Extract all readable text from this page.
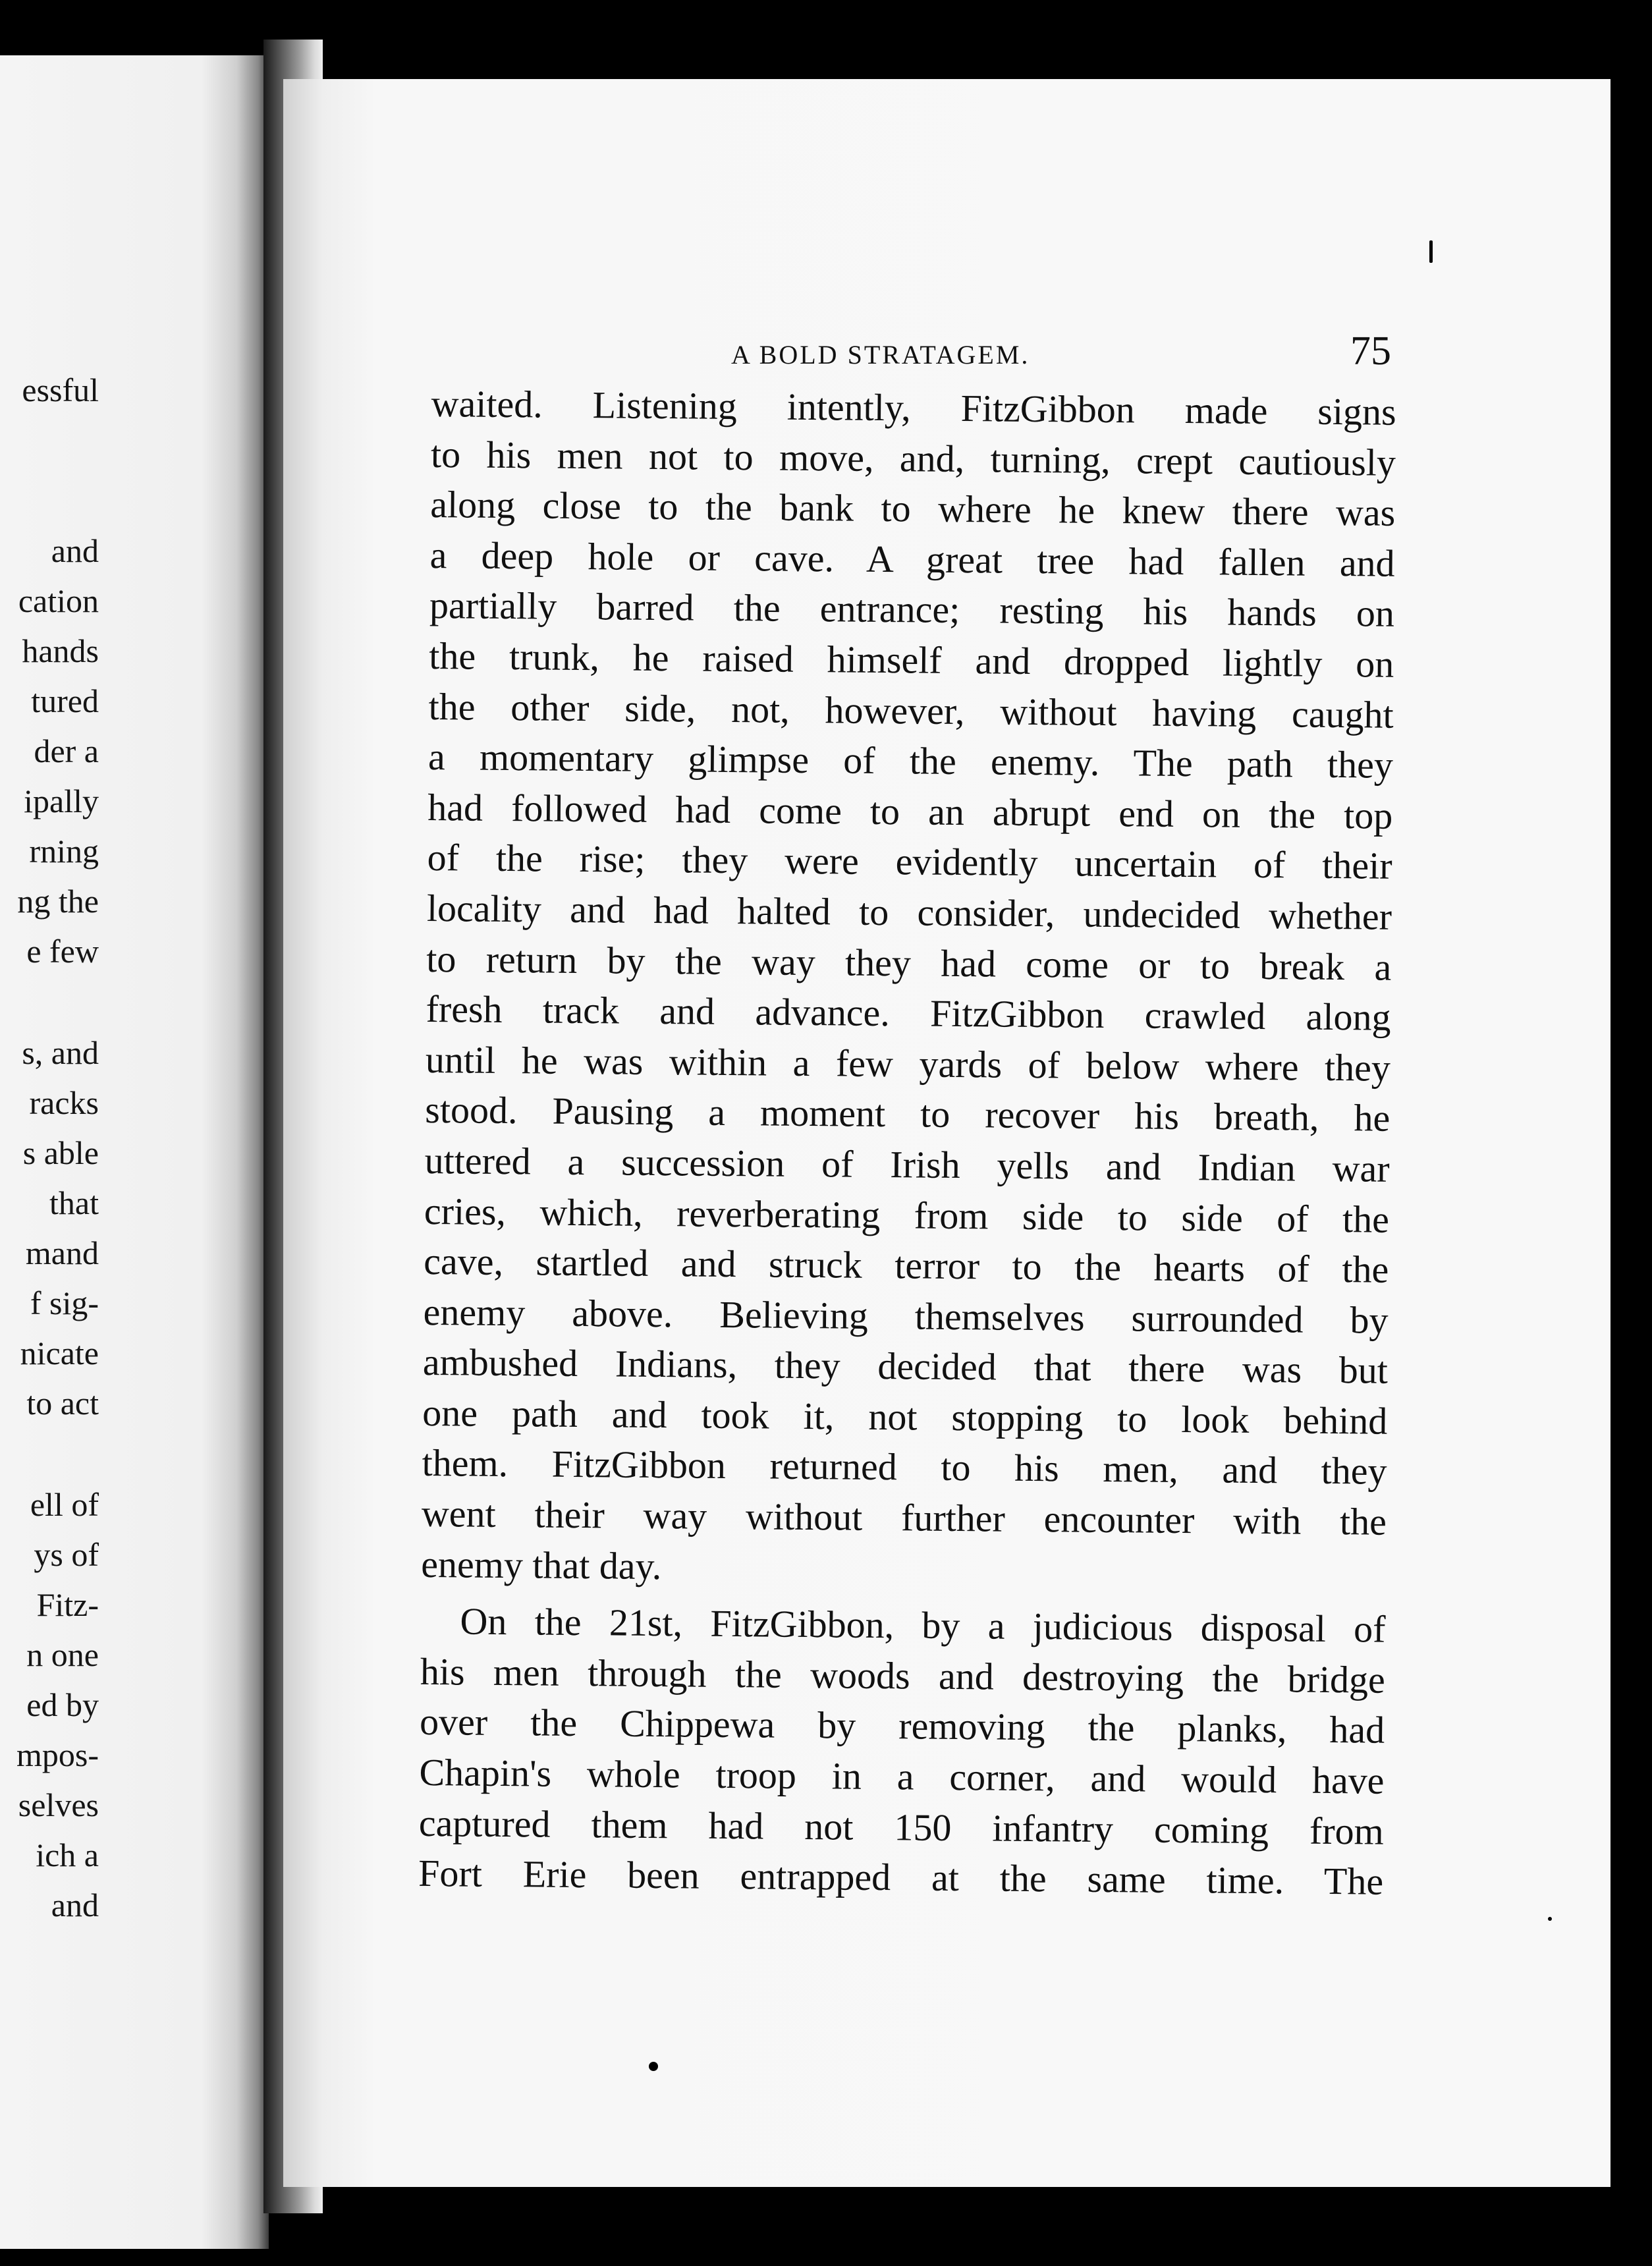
essful
and
cation
hands
tured
der a
ipally
rning
ng the
e few
s, and
racks
s able
that
mand
f sig-
nicate
to act
ell of
ys of
Fitz-
n one
ed by
mpos-
selves
ich a
and
A BOLD STRATAGEM.	75
waited. Listening intently, FitzGibbon made signs
to his men not to move, and, turning, crept cautiously
along close to the bank to where he knew there was
a deep hole or cave. A great tree had fallen and
partially barred the entrance; resting his hands on
the trunk, he raised himself and dropped lightly on
the other side, not, however, without having caught
a momentary glimpse of the enemy. The path they
had followed had come to an abrupt end on the top
of the rise; they were evidently uncertain of their
locality and had halted to consider, undecided whether
to return by the way they had come or to break a
fresh track and advance. FitzGibbon crawled along
until he was within a few yards of below where they
stood. Pausing a moment to recover his breath, he
uttered a succession of Irish yells and Indian war
cries, which, reverberating from side to side of the
cave, startled and struck terror to the hearts of the
enemy above. Believing themselves surrounded by
ambushed Indians, they decided that there was but
one path and took it, not stopping to look behind
them. FitzGibbon returned to his men, and they
went their way without further encounter with the
enemy that day.
On the 21st, FitzGibbon, by a judicious disposal of
his men through the woods and destroying the bridge
over the Chippewa by removing the planks, had
Chapin's whole troop in a corner, and would have
captured them had not 150 infantry coming from
Fort Erie been entrapped at the same time. The
